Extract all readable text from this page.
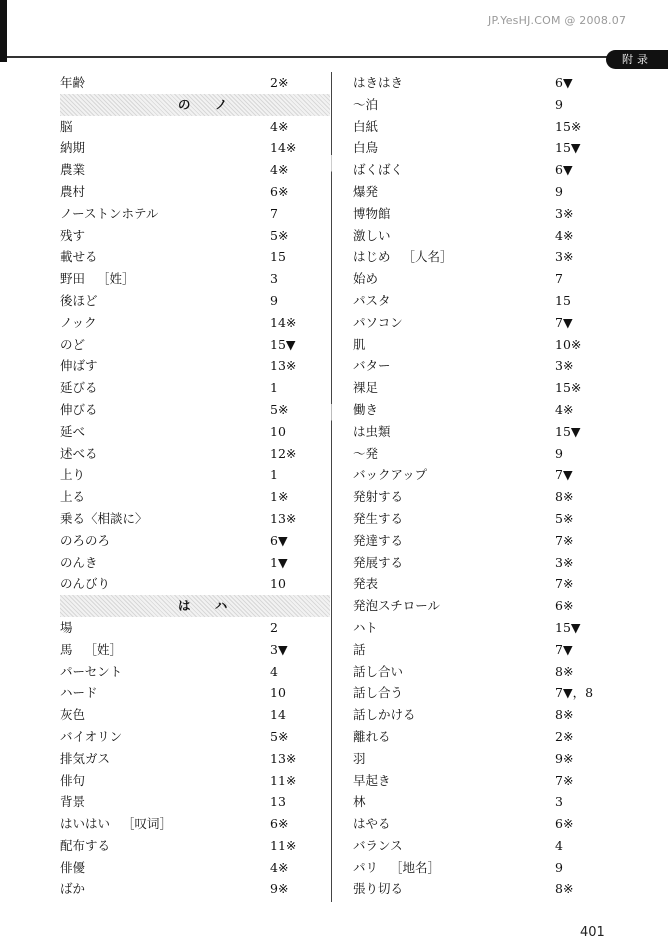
JP.YesHJ.COM @ 2008.07
附录
年齢	2※
の ノ
脳	4※
納期	14※
農業	4※
農村	6※
ノーストンホテル	7
残す	5※
載せる	15
野田 ［姓］	3
後ほど	9
ノック	14※
のど	15▼
伸ばす	13※
延びる	1
伸びる	5※
延べ	10
述べる	12※
上り	1
上る	1※
乗る〈相談に〉	13※
のろのろ	6▼
のんき	1▼
のんびり	10
は ハ
場	2
馬 ［姓］	3▼
パーセント	4
ハード	10
灰色	14
バイオリン	5※
排気ガス	13※
俳句	11※
背景	13
はいはい ［叹词］	6※
配布する	11※
俳優	4※
ばか	9※
はきはき	6▼
～泊	9
白紙	15※
白鳥	15▼
ばくばく	6▼
爆発	9
博物館	3※
激しい	4※
はじめ ［人名］	3※
始め	7
パスタ	15
パソコン	7▼
肌	10※
バター	3※
裸足	15※
働き	4※
は虫類	15▼
～発	9
バックアップ	7▼
発射する	8※
発生する	5※
発達する	7※
発展する	3※
発表	7※
発泡スチロール	6※
ハト	15▼
話	7▼
話し合い	8※
話し合う	7▼，8
話しかける	8※
離れる	2※
羽	9※
早起き	7※
林	3
はやる	6※
バランス	4
パリ ［地名］	9
張り切る	8※
401
